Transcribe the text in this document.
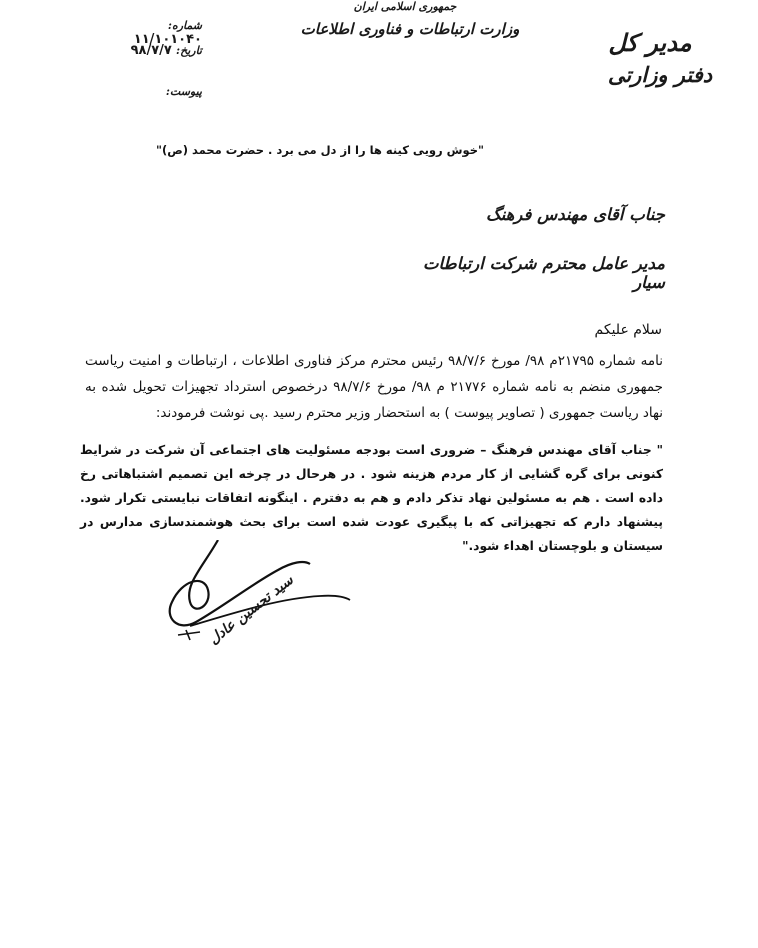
جمهوری اسلامی ایران
وزارت ارتباطات و فناوری اطلاعات	مدیر کل
دفتر وزارتی
شماره: ۱۱/۱۰۱۰۴۰
تاریخ: ۹۸/۷/۷
پیوست:
"خوش رویی کینه ها را از دل می برد . حضرت محمد (ص)"
جناب آقای مهندس فرهنگ
مدیر عامل محترم شرکت ارتباطات سیار
سلام علیکم
نامه شماره ۲۱۷۹۵م ۹۸/ مورخ ۹۸/۷/۶ رئیس محترم مرکز فناوری اطلاعات ، ارتباطات و امنیت ریاست جمهوری منضم به نامه شماره ۲۱۷۷۶ م ۹۸/ مورخ ۹۸/۷/۶ درخصوص استرداد تجهیزات تحویل شده به نهاد ریاست جمهوری ( تصاویر پیوست ) به استحضار وزیر محترم رسید .پی نوشت فرمودند:
" جناب آقای مهندس فرهنگ – ضروری است بودجه مسئولیت های اجتماعی آن شرکت در شرایط کنونی برای گره گشایی از کار مردم هزینه شود . در هرحال در چرخه این تصمیم اشتباهاتی رخ داده است . هم به مسئولین نهاد تذکر دادم و هم به دفترم . اینگونه اتفاقات نبایستی تکرار شود. پیشنهاد دارم که تجهیزاتی که با پیگیری عودت شده است برای بحث هوشمندسازی مدارس در سیستان و بلوچستان اهداء شود."
سید تحسین عادل
